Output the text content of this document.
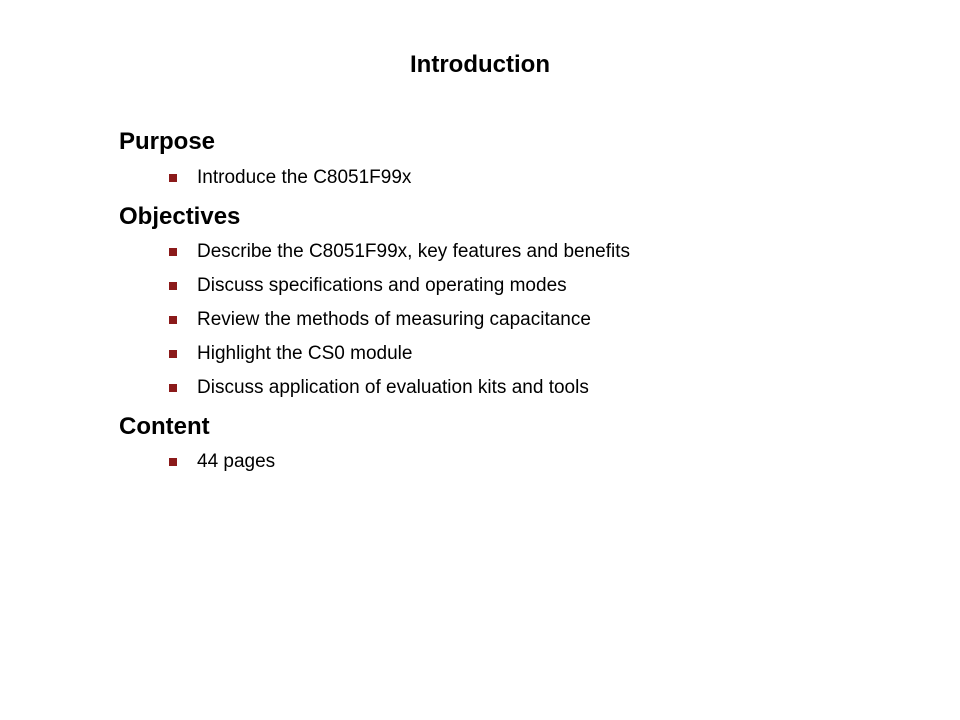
Introduction
Purpose
Introduce the C8051F99x
Objectives
Describe the C8051F99x, key features and benefits
Discuss specifications and operating modes
Review the methods of measuring capacitance
Highlight the CS0 module
Discuss application of evaluation kits and tools
Content
44 pages
